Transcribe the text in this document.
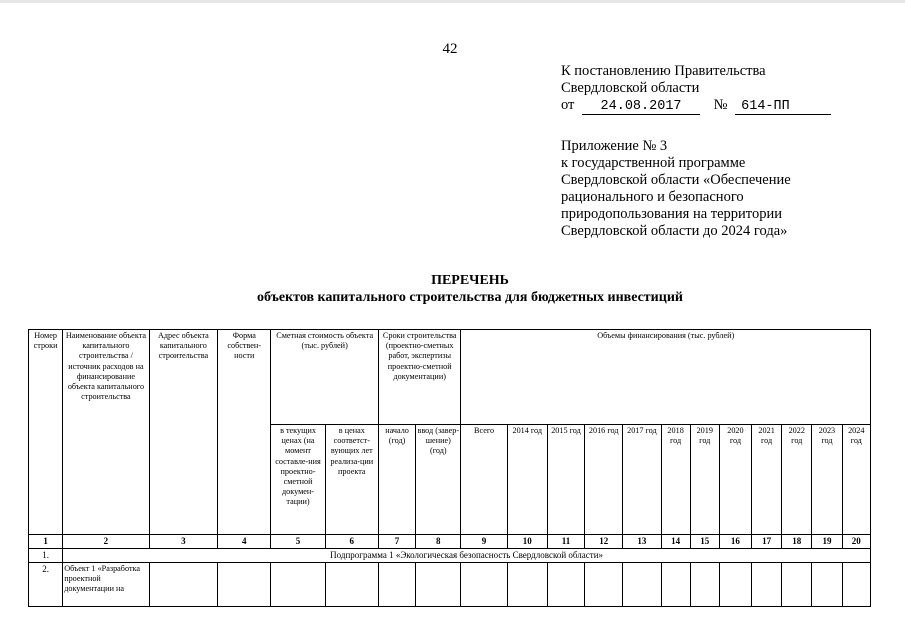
42
К постановлению Правительства
Свердловской области
от 24.08.2017 № 614-ПП
Приложение № 3
к государственной программе
Свердловской области «Обеспечение
рационального и безопасного
природопользования на территории
Свердловской области до 2024 года»
ПЕРЕЧЕНЬ
объектов капитального строительства для бюджетных инвестиций
Номер строки	Наименование объекта капитального строительства / источник расходов на финансирование объекта капитального строительства	Адрес объекта капитального строительства	Форма собствен-ности	Сметная стоимость объекта (тыс. рублей)		Сроки строительства (проектно-сметных работ, экспертизы проектно-сметной документации)		Объемы финансирования (тыс. рублей)											
				в текущих ценах (на момент составле-ния проектно-сметной докумен-тации)	в ценах соответст-вующих лет реализа-ции проекта	начало (год)	ввод (завер-шение) (год)	Всего	2014 год	2015 год	2016 год	2017 год	2018 год	2019 год	2020 год	2021 год	2022 год	2023 год	2024 год
1	2	3	4	5	6	7	8	9	10	11	12	13	14	15	16	17	18	19	20
1.	Подпрограмма 1 «Экологическая безопасность Свердловской области»																		
2.	Объект 1 «Разработка проектной документации на																		
